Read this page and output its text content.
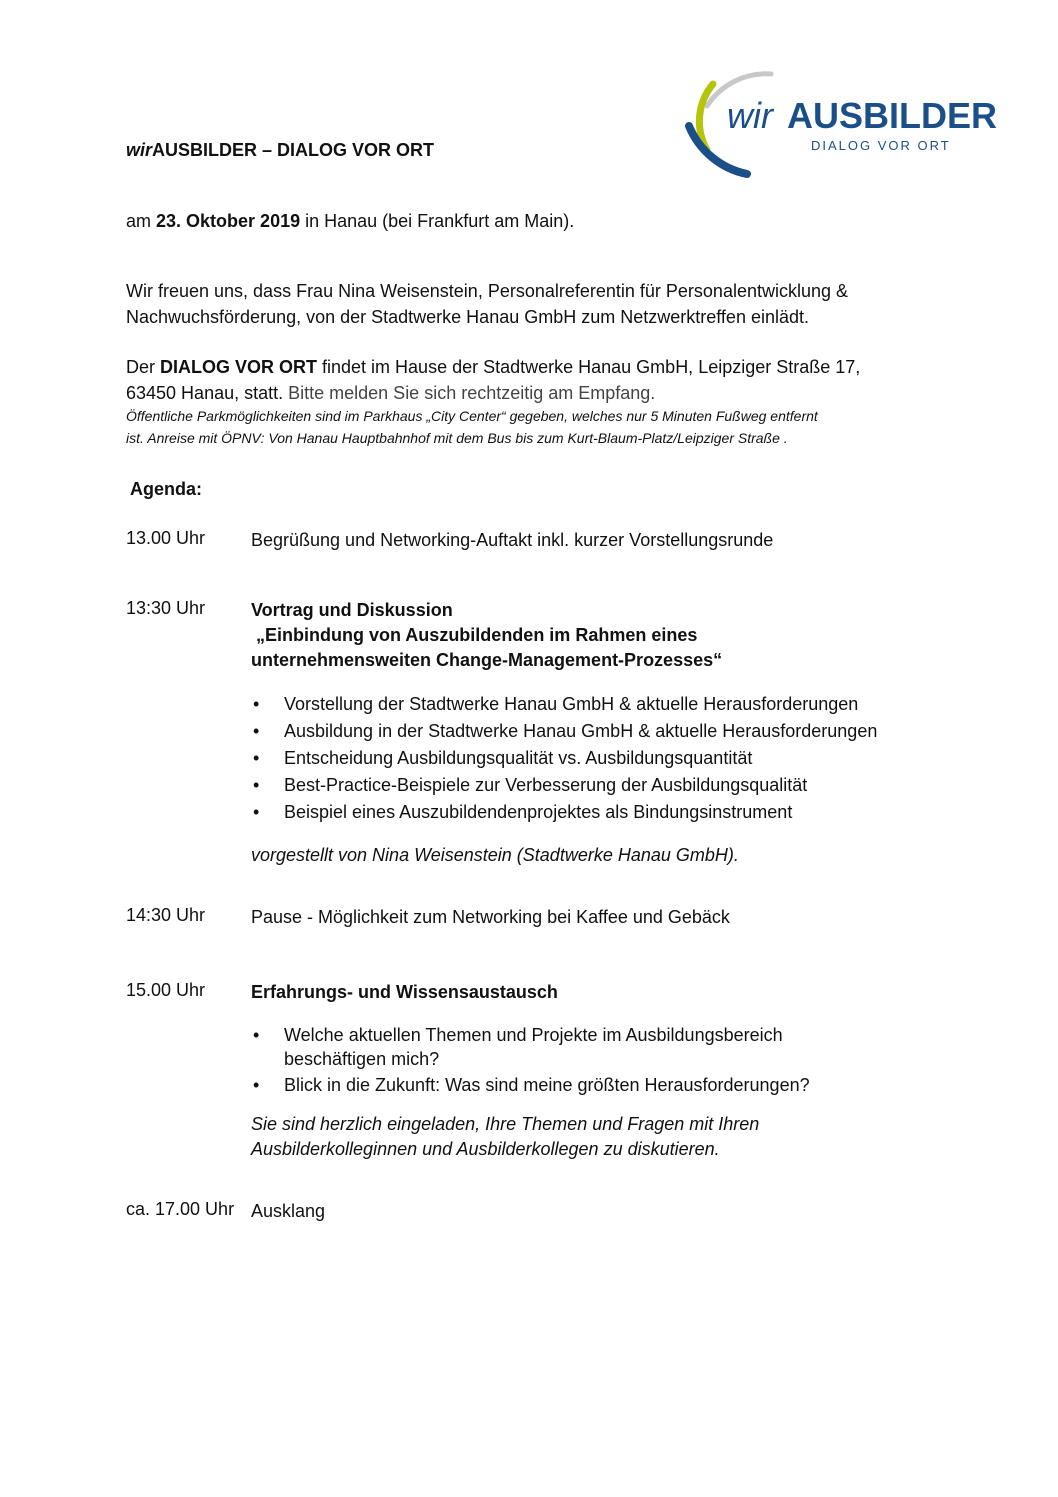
wir AUSBILDER
DIALOG VOR ORT
wirAUSBILDER – DIALOG VOR ORT
am 23. Oktober 2019 in Hanau (bei Frankfurt am Main).
Wir freuen uns, dass Frau Nina Weisenstein, Personalreferentin für Personalentwicklung &
Nachwuchsförderung, von der Stadtwerke Hanau GmbH zum Netzwerktreffen einlädt.
Der DIALOG VOR ORT findet im Hause der Stadtwerke Hanau GmbH, Leipziger Straße 17,
63450 Hanau, statt. Bitte melden Sie sich rechtzeitig am Empfang.
Öffentliche Parkmöglichkeiten sind im Parkhaus „City Center“ gegeben, welches nur 5 Minuten Fußweg entfernt
ist. Anreise mit ÖPNV: Von Hanau Hauptbahnhof mit dem Bus bis zum Kurt-Blaum-Platz/Leipziger Straße .
Agenda:
13.00 Uhr	Begrüßung und Networking-Auftakt inkl. kurzer Vorstellungsrunde
13:30 Uhr	Vortrag und Diskussion
„Einbindung von Auszubildenden im Rahmen eines
unternehmensweiten Change-Management-Prozesses“
• Vorstellung der Stadtwerke Hanau GmbH & aktuelle Herausforderungen
• Ausbildung in der Stadtwerke Hanau GmbH & aktuelle Herausforderungen
• Entscheidung Ausbildungsqualität vs. Ausbildungsquantität
• Best-Practice-Beispiele zur Verbesserung der Ausbildungsqualität
• Beispiel eines Auszubildendenprojektes als Bindungsinstrument
vorgestellt von Nina Weisenstein (Stadtwerke Hanau GmbH).
14:30 Uhr	Pause - Möglichkeit zum Networking bei Kaffee und Gebäck
15.00 Uhr	Erfahrungs- und Wissensaustausch
• Welche aktuellen Themen und Projekte im Ausbildungsbereich
beschäftigen mich?
• Blick in die Zukunft: Was sind meine größten Herausforderungen?
Sie sind herzlich eingeladen, Ihre Themen und Fragen mit Ihren
Ausbilderkolleginnen und Ausbilderkollegen zu diskutieren.
ca. 17.00 Uhr Ausklang
